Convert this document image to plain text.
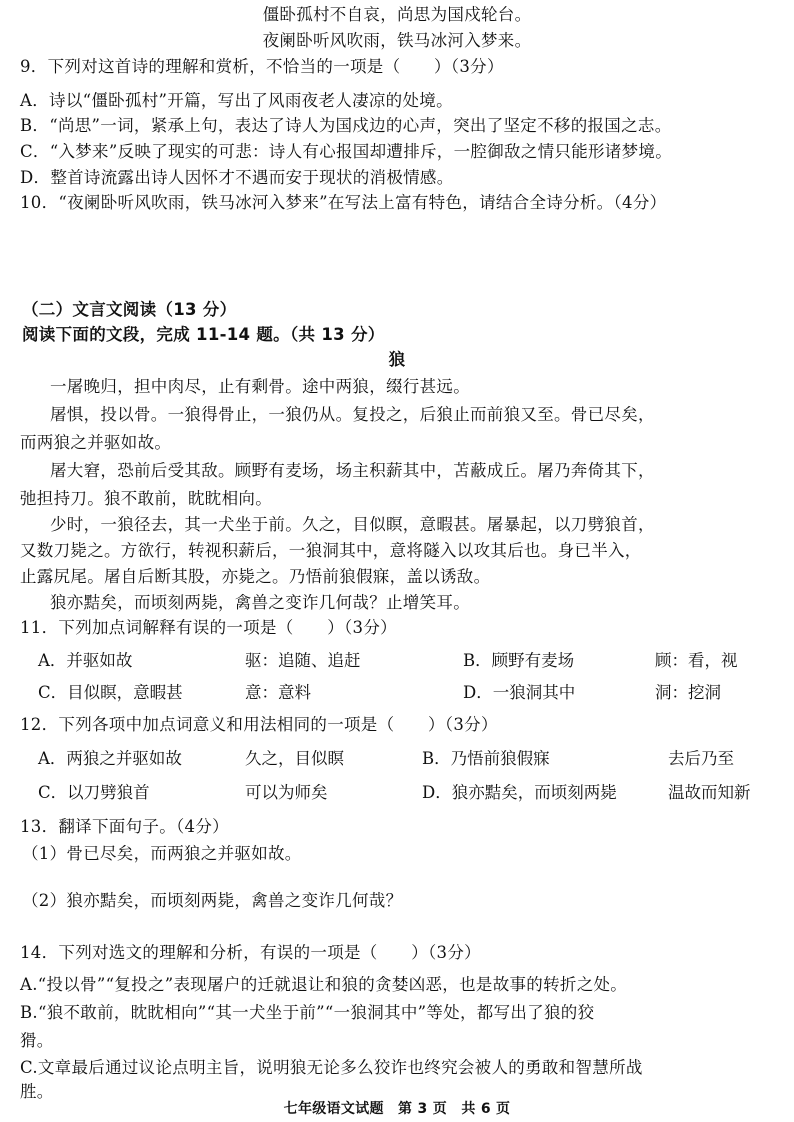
僵卧孤村不自哀，尚思为国戍轮台。
夜阑卧听风吹雨，铁马冰河入梦来。
9．下列对这首诗的理解和赏析，不恰当的一项是（　　）（3分）
A．诗以“僵卧孤村”开篇，写出了风雨夜老人凄凉的处境。
B．“尚思”一词，紧承上句，表达了诗人为国戍边的心声，突出了坚定不移的报国之志。
C．“入梦来”反映了现实的可悲：诗人有心报国却遭排斥，一腔御敌之情只能形诸梦境。
D．整首诗流露出诗人因怀才不遇而安于现状的消极情感。
10．“夜阑卧听风吹雨，铁马冰河入梦来”在写法上富有特色，请结合全诗分析。（4分）
（二）文言文阅读（13 分）
阅读下面的文段，完成 11-14 题。（共 13 分）
狼
一屠晚归，担中肉尽，止有剩骨。途中两狼，缀行甚远。
屠惧，投以骨。一狼得骨止，一狼仍从。复投之，后狼止而前狼又至。骨已尽矣，
而两狼之并驱如故。
屠大窘，恐前后受其敌。顾野有麦场，场主积薪其中，苫蔽成丘。屠乃奔倚其下，
弛担持刀。狼不敢前，眈眈相向。
少时，一狼径去，其一犬坐于前。久之，目似瞑，意暇甚。屠暴起，以刀劈狼首，
又数刀毙之。方欲行，转视积薪后，一狼洞其中，意将隧入以攻其后也。身已半入，
止露尻尾。屠自后断其股，亦毙之。乃悟前狼假寐，盖以诱敌。
狼亦黠矣，而顷刻两毙，禽兽之变诈几何哉？止增笑耳。
11．下列加点词解释有误的一项是（　　）（3分）
A．并驱如故	驱：追随、追赶	B．顾野有麦场	顾：看，视
C．目似瞑，意暇甚	意：意料	D．一狼洞其中	洞：挖洞
12．下列各项中加点词意义和用法相同的一项是（　　）（3分）
A．两狼之并驱如故	久之，目似瞑	B．乃悟前狼假寐	去后乃至
C．以刀劈狼首	可以为师矣	D．狼亦黠矣，而顷刻两毙	温故而知新
13．翻译下面句子。（4分）
（1）骨已尽矣，而两狼之并驱如故。
（2）狼亦黠矣，而顷刻两毙，禽兽之变诈几何哉？
14．下列对选文的理解和分析，有误的一项是（　　）（3分）
A.“投以骨”“复投之”表现屠户的迁就退让和狼的贪婪凶恶，也是故事的转折之处。
B.“狼不敢前，眈眈相向”“其一犬坐于前”“一狼洞其中”等处，都写出了狼的狡
猾。
C.文章最后通过议论点明主旨，说明狼无论多么狡诈也终究会被人的勇敢和智慧所战
胜。
七年级语文试题　第 3 页　共 6 页
